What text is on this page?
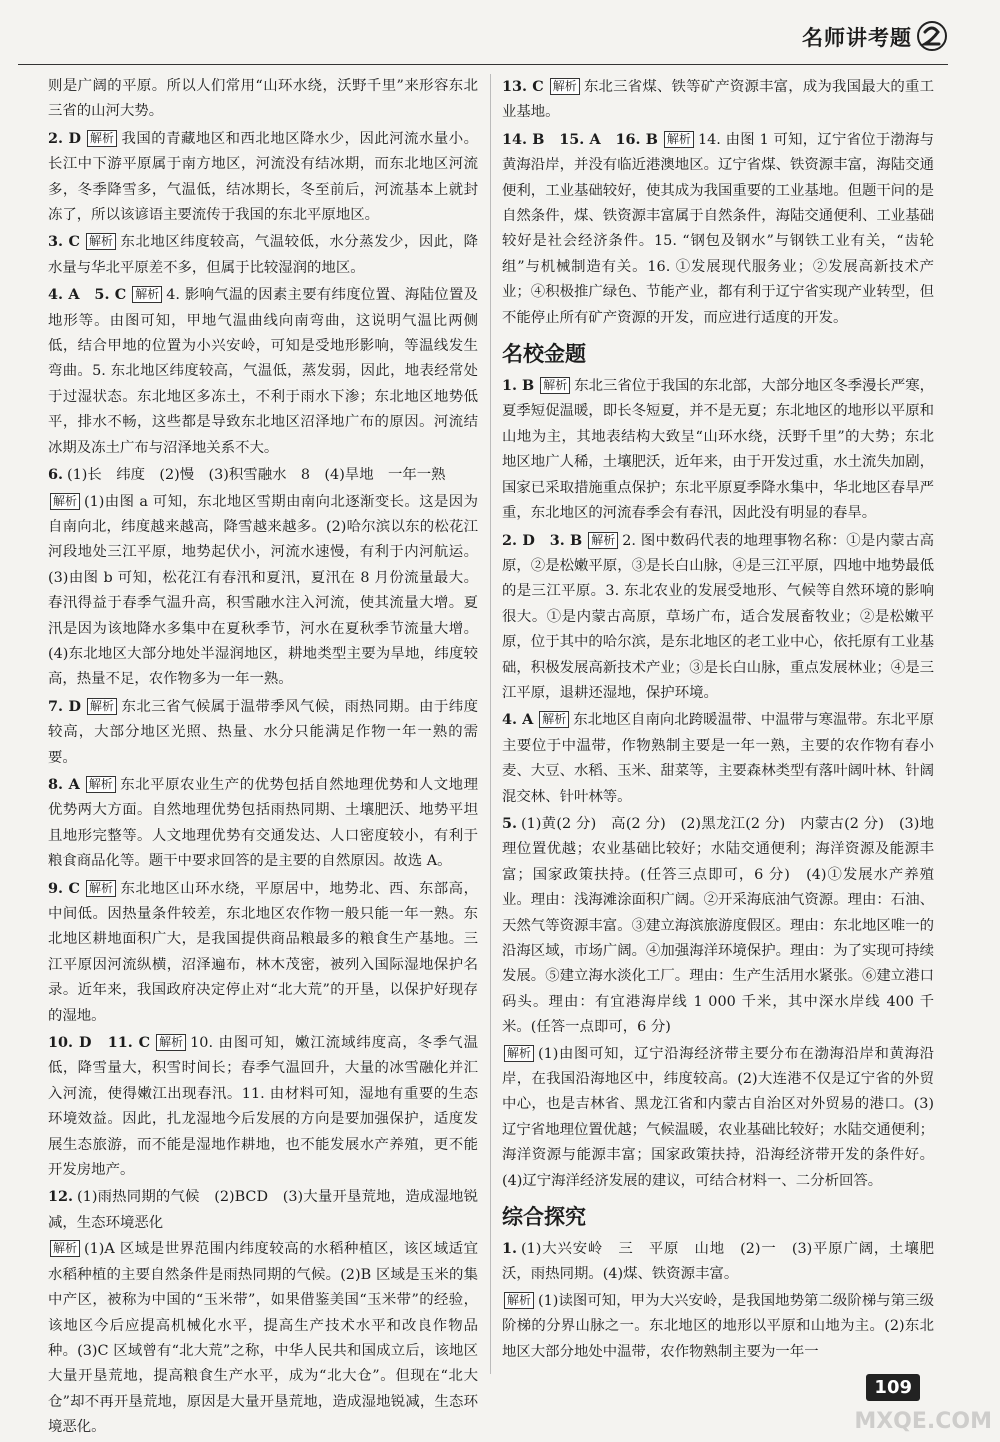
名师讲考题
则是广阔的平原。所以人们常用“山环水绕，沃野千里”来形容东北三省的山河大势。
2. D 解析 我国的青藏地区和西北地区降水少，因此河流水量小。长江中下游平原属于南方地区，河流没有结冰期，而东北地区河流多，冬季降雪多，气温低，结冰期长，冬至前后，河流基本上就封冻了，所以该谚语主要流传于我国的东北平原地区。
3. C 解析 东北地区纬度较高，气温较低，水分蒸发少，因此，降水量与华北平原差不多，但属于比较湿润的地区。
4. A　5. C 解析 4. 影响气温的因素主要有纬度位置、海陆位置及地形等。由图可知，甲地气温曲线向南弯曲，这说明气温比两侧低，结合甲地的位置为小兴安岭，可知是受地形影响，等温线发生弯曲。5. 东北地区纬度较高，气温低，蒸发弱，因此，地表经常处于过湿状态。东北地区多冻土，不利于雨水下渗；东北地区地势低平，排水不畅，这些都是导致东北地区沼泽地广布的原因。河流结冰期及冻土广布与沼泽地关系不大。
6. (1)长　纬度　(2)慢　(3)积雪融水　8　(4)旱地　一年一熟
解析 (1)由图 a 可知，东北地区雪期由南向北逐渐变长。这是因为自南向北，纬度越来越高，降雪越来越多。(2)哈尔滨以东的松花江河段地处三江平原，地势起伏小，河流水速慢，有利于内河航运。(3)由图 b 可知，松花江有春汛和夏汛，夏汛在 8 月份流量最大。春汛得益于春季气温升高，积雪融水注入河流，使其流量大增。夏汛是因为该地降水多集中在夏秋季节，河水在夏秋季节流量大增。(4)东北地区大部分地处半湿润地区，耕地类型主要为旱地，纬度较高，热量不足，农作物多为一年一熟。
7. D 解析 东北三省气候属于温带季风气候，雨热同期。由于纬度较高，大部分地区光照、热量、水分只能满足作物一年一熟的需要。
8. A 解析 东北平原农业生产的优势包括自然地理优势和人文地理优势两大方面。自然地理优势包括雨热同期、土壤肥沃、地势平坦且地形完整等。人文地理优势有交通发达、人口密度较小，有利于粮食商品化等。题干中要求回答的是主要的自然原因。故选 A。
9. C 解析 东北地区山环水绕，平原居中，地势北、西、东部高，中间低。因热量条件较差，东北地区农作物一般只能一年一熟。东北地区耕地面积广大，是我国提供商品粮最多的粮食生产基地。三江平原因河流纵横，沼泽遍布，林木茂密，被列入国际湿地保护名录。近年来，我国政府决定停止对“北大荒”的开垦，以保护好现存的湿地。
10. D　11. C 解析 10. 由图可知，嫩江流域纬度高，冬季气温低，降雪量大，积雪时间长；春季气温回升，大量的冰雪融化并汇入河流，使得嫩江出现春汛。11. 由材料可知，湿地有重要的生态环境效益。因此，扎龙湿地今后发展的方向是要加强保护，适度发展生态旅游，而不能是湿地作耕地，也不能发展水产养殖，更不能开发房地产。
12. (1)雨热同期的气候　(2)BCD　(3)大量开垦荒地，造成湿地锐减，生态环境恶化
解析 (1)A 区域是世界范围内纬度较高的水稻种植区，该区域适宜水稻种植的主要自然条件是雨热同期的气候。(2)B 区域是玉米的集中产区，被称为中国的“玉米带”，如果借鉴美国“玉米带”的经验，该地区今后应提高机械化水平，提高生产技术水平和改良作物品种。(3)C 区域曾有“北大荒”之称，中华人民共和国成立后，该地区大量开垦荒地，提高粮食生产水平，成为“北大仓”。但现在“北大仓”却不再开垦荒地，原因是大量开垦荒地，造成湿地锐减，生态环境恶化。
13. C 解析 东北三省煤、铁等矿产资源丰富，成为我国最大的重工业基地。
14. B　15. A　16. B 解析 14. 由图 1 可知，辽宁省位于渤海与黄海沿岸，并没有临近港澳地区。辽宁省煤、铁资源丰富，海陆交通便利，工业基础较好，使其成为我国重要的工业基地。但题干问的是自然条件，煤、铁资源丰富属于自然条件，海陆交通便利、工业基础较好是社会经济条件。15. “钢包及钢水”与钢铁工业有关，“齿轮组”与机械制造有关。16. ①发展现代服务业；②发展高新技术产业；④积极推广绿色、节能产业，都有利于辽宁省实现产业转型，但不能停止所有矿产资源的开发，而应进行适度的开发。
名校金题
1. B 解析 东北三省位于我国的东北部，大部分地区冬季漫长严寒，夏季短促温暖，即长冬短夏，并不是无夏；东北地区的地形以平原和山地为主，其地表结构大致呈“山环水绕，沃野千里”的大势；东北地区地广人稀，土壤肥沃，近年来，由于开发过重，水土流失加剧，国家已采取措施重点保护；东北平原夏季降水集中，华北地区春旱严重，东北地区的河流春季会有春汛，因此没有明显的春旱。
2. D　3. B 解析 2. 图中数码代表的地理事物名称：①是内蒙古高原，②是松嫩平原，③是长白山脉，④是三江平原，四地中地势最低的是三江平原。3. 东北农业的发展受地形、气候等自然环境的影响很大。①是内蒙古高原，草场广布，适合发展畜牧业；②是松嫩平原，位于其中的哈尔滨，是东北地区的老工业中心，依托原有工业基础，积极发展高新技术产业；③是长白山脉，重点发展林业；④是三江平原，退耕还湿地，保护环境。
4. A 解析 东北地区自南向北跨暖温带、中温带与寒温带。东北平原主要位于中温带，作物熟制主要是一年一熟，主要的农作物有春小麦、大豆、水稻、玉米、甜菜等，主要森林类型有落叶阔叶林、针阔混交林、针叶林等。
5. (1)黄(2 分)　高(2 分)　(2)黑龙江(2 分)　内蒙古(2 分)　(3)地理位置优越；农业基础比较好；水陆交通便利；海洋资源及能源丰富；国家政策扶持。(任答三点即可，6 分)　(4)①发展水产养殖业。理由：浅海滩涂面积广阔。②开采海底油气资源。理由：石油、天然气等资源丰富。③建立海滨旅游度假区。理由：东北地区唯一的沿海区域，市场广阔。④加强海洋环境保护。理由：为了实现可持续发展。⑤建立海水淡化工厂。理由：生产生活用水紧张。⑥建立港口码头。理由：有宜港海岸线 1 000 千米，其中深水岸线 400 千米。(任答一点即可，6 分)
解析 (1)由图可知，辽宁沿海经济带主要分布在渤海沿岸和黄海沿岸，在我国沿海地区中，纬度较高。(2)大连港不仅是辽宁省的外贸中心，也是吉林省、黑龙江省和内蒙古自治区对外贸易的港口。(3)辽宁省地理位置优越；气候温暖，农业基础比较好；水陆交通便利；海洋资源与能源丰富；国家政策扶持，沿海经济带开发的条件好。(4)辽宁海洋经济发展的建议，可结合材料一、二分析回答。
综合探究
1. (1)大兴安岭　三　平原　山地　(2)一　(3)平原广阔，土壤肥沃，雨热同期。(4)煤、铁资源丰富。
解析 (1)读图可知，甲为大兴安岭，是我国地势第二级阶梯与第三级阶梯的分界山脉之一。东北地区的地形以平原和山地为主。(2)东北地区大部分地处中温带，农作物熟制主要为一年一
109
MXQE.COM
